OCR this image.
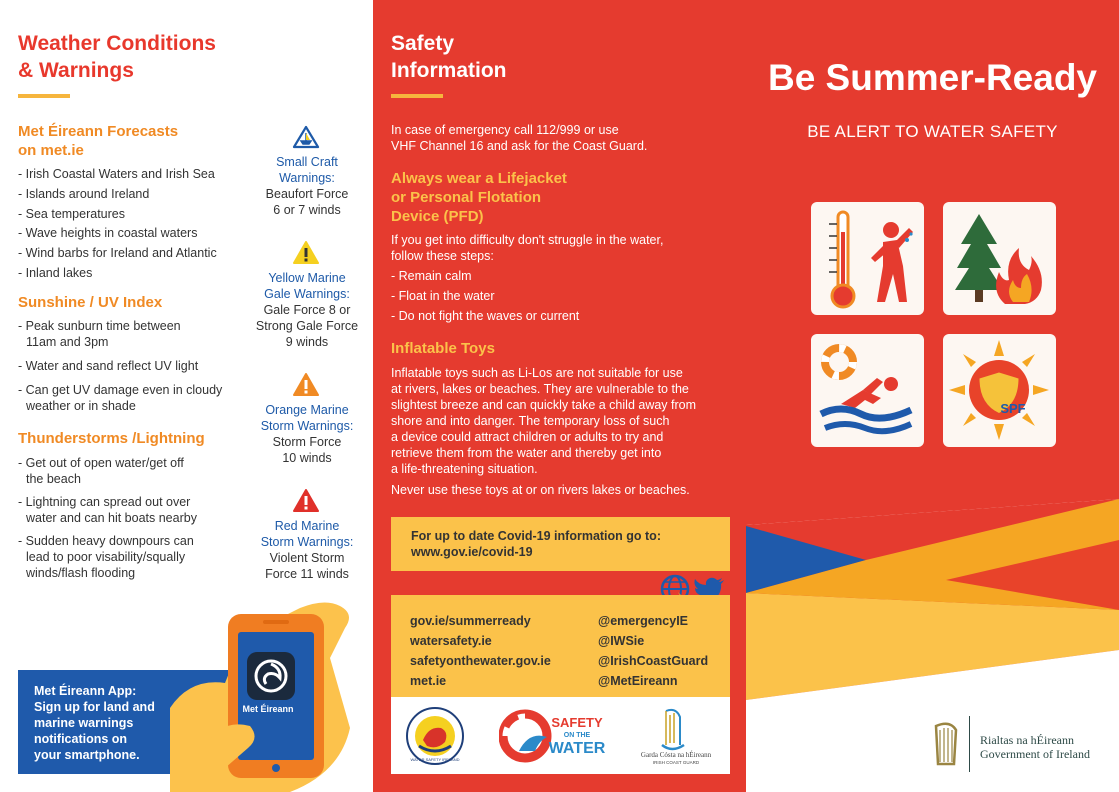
Weather Conditions
& Warnings
Met Éireann Forecasts
on met.ie
- Irish Coastal Waters and Irish Sea
- Islands around Ireland
- Sea temperatures
- Wave heights in coastal waters
- Wind barbs for Ireland and Atlantic
- Inland lakes
Sunshine / UV Index
- Peak sunburn time between
11am and 3pm
- Water and sand reflect UV light
- Can get UV damage even in cloudy
weather or in shade
Thunderstorms /Lightning
- Get out of open water/get off
the beach
- Lightning can spread out over
water and can hit boats nearby
- Sudden heavy downpours can
lead to poor visability/squally
winds/flash flooding
Small Craft
Warnings:
Beaufort Force
6 or 7 winds
Yellow Marine
Gale Warnings:
Gale Force 8 or
Strong Gale Force
9 winds
Orange Marine
Storm Warnings:
Storm Force
10 winds
Red Marine
Storm Warnings:
Violent Storm
Force 11 winds
Met Éireann
Met Éireann App:
Sign up for land and
marine warnings
notifications on
your smartphone.
Safety
Information
In case of emergency call 112/999 or use
VHF Channel 16 and ask for the Coast Guard.
Always wear a Lifejacket
or Personal Flotation
Device (PFD)
If you get into difficulty don't struggle in the water,
follow these steps:
- Remain calm
- Float in the water
- Do not fight the waves or current
Inflatable Toys
Inflatable toys such as Li-Los are not suitable for use
at rivers, lakes or beaches. They are vulnerable to the
slightest breeze and can quickly take a child away from
shore and into danger. The temporary loss of such
a device could attract children or adults to try and
retrieve them from the water and thereby get into
a life-threatening situation.
Never use these toys at or on rivers lakes or beaches.
For up to date Covid-19 information go to:
www.gov.ie/covid-19
gov.ie/summerready
watersafety.ie
safetyonthewater.gov.ie
met.ie
@emergencyIE
@IWSie
@IrishCoastGuard
@MetEireann
WATER SAFETY IRELAND
SAFETY
ON THE
WATER	Garda Cósta na hÉireann
IRISH COAST GUARD
Be Summer-Ready
BE ALERT TO WATER SAFETY
SPF
Rialtas na hÉireann
Government of Ireland
